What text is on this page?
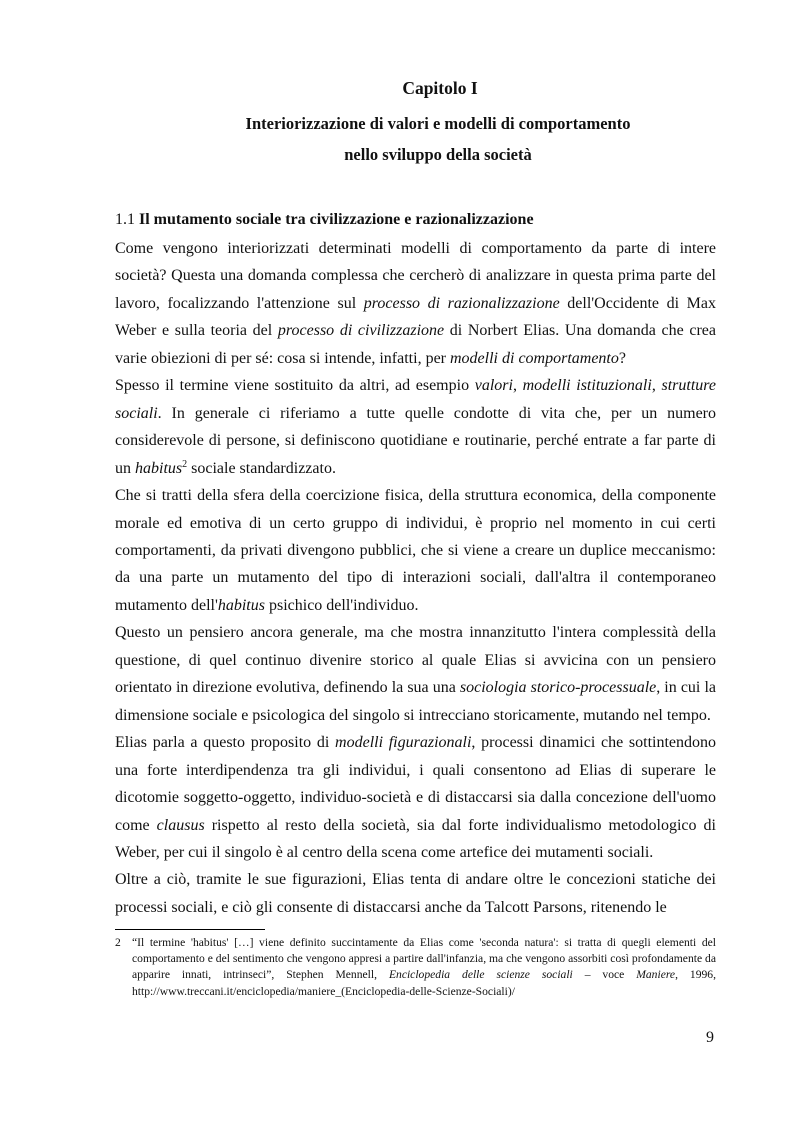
Capitolo I
Interiorizzazione di valori e modelli di comportamento
nello sviluppo della società
1.1 Il mutamento sociale tra civilizzazione e razionalizzazione

Come vengono interiorizzati determinati modelli di comportamento da parte di intere società? Questa una domanda complessa che cercherò di analizzare in questa prima parte del lavoro, focalizzando l'attenzione sul processo di razionalizzazione dell'Occidente di Max Weber e sulla teoria del processo di civilizzazione di Norbert Elias. Una domanda che crea varie obiezioni di per sé: cosa si intende, infatti, per modelli di comportamento?

Spesso il termine viene sostituito da altri, ad esempio valori, modelli istituzionali, strutture sociali. In generale ci riferiamo a tutte quelle condotte di vita che, per un numero considerevole di persone, si definiscono quotidiane e routinarie, perché entrate a far parte di un habitus$^2$ sociale standardizzato.

Che si tratti della sfera della coercizione fisica, della struttura economica, della componente morale ed emotiva di un certo gruppo di individui, è proprio nel momento in cui certi comportamenti, da privati divengono pubblici, che si viene a creare un duplice meccanismo: da una parte un mutamento del tipo di interazioni sociali, dall'altra il contemporaneo mutamento dell'habitus psichico dell'individuo.

Questo un pensiero ancora generale, ma che mostra innanzitutto l'intera complessità della questione, di quel continuo divenire storico al quale Elias si avvicina con un pensiero orientato in direzione evolutiva, definendo la sua una sociologia storico-processuale, in cui la dimensione sociale e psicologica del singolo si intrecciano storicamente, mutando nel tempo.

Elias parla a questo proposito di modelli figurazionali, processi dinamici che sottintendono una forte interdipendenza tra gli individui, i quali consentono ad Elias di superare le dicotomie soggetto-oggetto, individuo-società e di distaccarsi sia dalla concezione dell'uomo come clausus rispetto al resto della società, sia dal forte individualismo metodologico di Weber, per cui il singolo è al centro della scena come artefice dei mutamenti sociali.

Oltre a ciò, tramite le sue figurazioni, Elias tenta di andare oltre le concezioni statiche dei processi sociali, e ciò gli consente di distaccarsi anche da Talcott Parsons, ritenendo le

2 “Il termine 'habitus' […] viene definito succintamente da Elias come 'seconda natura': si tratta di quegli elementi del comportamento e del sentimento che vengono appresi a partire dall'infanzia, ma che vengono assorbiti così profondamente da apparire innati, intrinseci”, Stephen Mennell, Enciclopedia delle scienze sociali – voce Maniere, 1996, http://www.treccani.it/enciclopedia/maniere_(Enciclopedia-delle-Scienze-Sociali)/
9
